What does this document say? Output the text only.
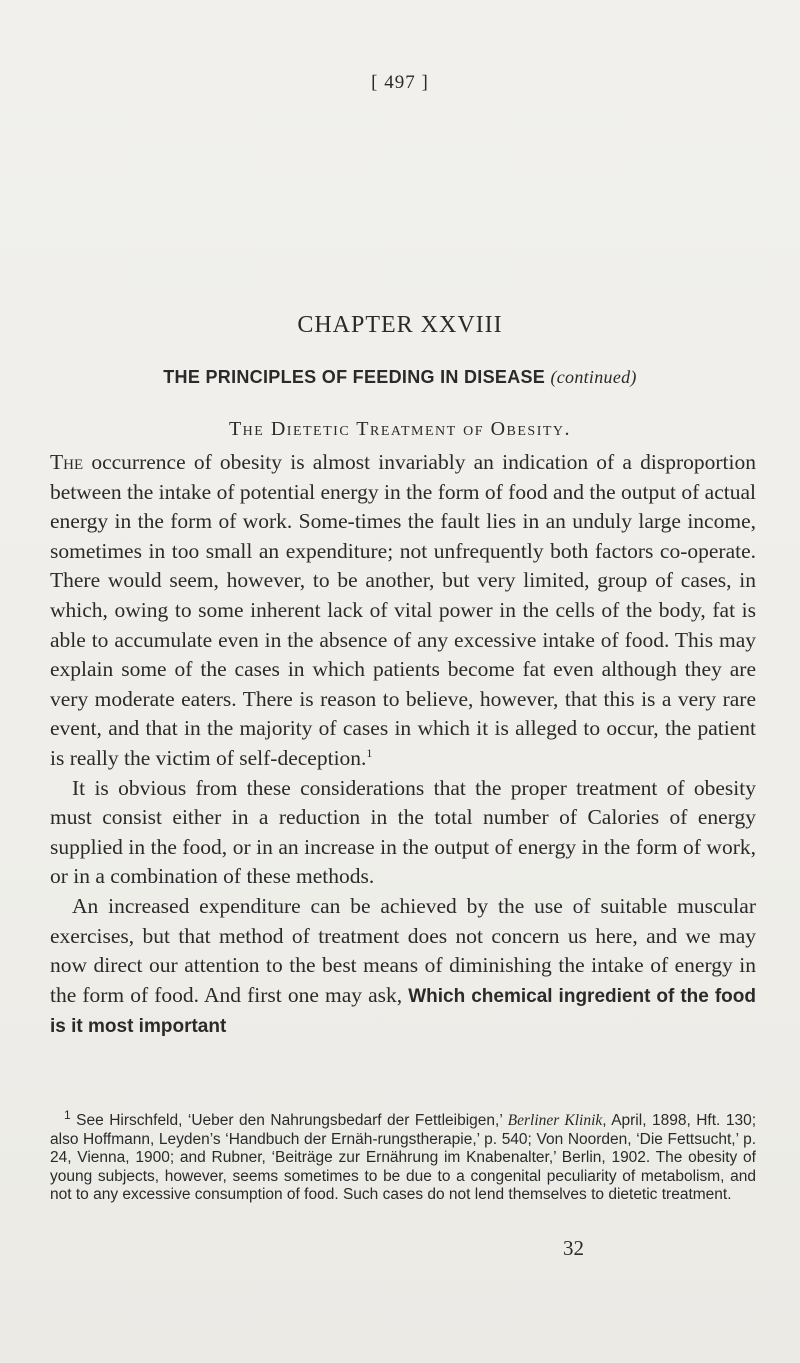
[ 497 ]
CHAPTER XXVIII
THE PRINCIPLES OF FEEDING IN DISEASE (continued)
The Dietetic Treatment of Obesity.

The occurrence of obesity is almost invariably an indication of a disproportion between the intake of potential energy in the form of food and the output of actual energy in the form of work. Some-times the fault lies in an unduly large income, sometimes in too small an expenditure; not unfrequently both factors co-operate. There would seem, however, to be another, but very limited, group of cases, in which, owing to some inherent lack of vital power in the cells of the body, fat is able to accumulate even in the absence of any excessive intake of food. This may explain some of the cases in which patients become fat even although they are very moderate eaters. There is reason to believe, however, that this is a very rare event, and that in the majority of cases in which it is alleged to occur, the patient is really the victim of self-deception.$^1$

It is obvious from these considerations that the proper treatment of obesity must consist either in a reduction in the total number of Calories of energy supplied in the food, or in an increase in the output of energy in the form of work, or in a combination of these methods.

An increased expenditure can be achieved by the use of suitable muscular exercises, but that method of treatment does not concern us here, and we may now direct our attention to the best means of diminishing the intake of energy in the form of food. And first one may ask, Which chemical ingredient of the food is it most important

$^1$ See Hirschfeld, ‘Ueber den Nahrungsbedarf der Fettleibigen,’ Berliner Klinik, April, 1898, Hft. 130; also Hoffmann, Leyden’s ‘Handbuch der Ernäh-rungstherapie,’ p. 540; Von Noorden, ‘Die Fettsucht,’ p. 24, Vienna, 1900; and Rubner, ‘Beiträge zur Ernährung im Knabenalter,’ Berlin, 1902. The obesity of young subjects, however, seems sometimes to be due to a congenital peculiarity of metabolism, and not to any excessive consumption of food. Such cases do not lend themselves to dietetic treatment.

32
